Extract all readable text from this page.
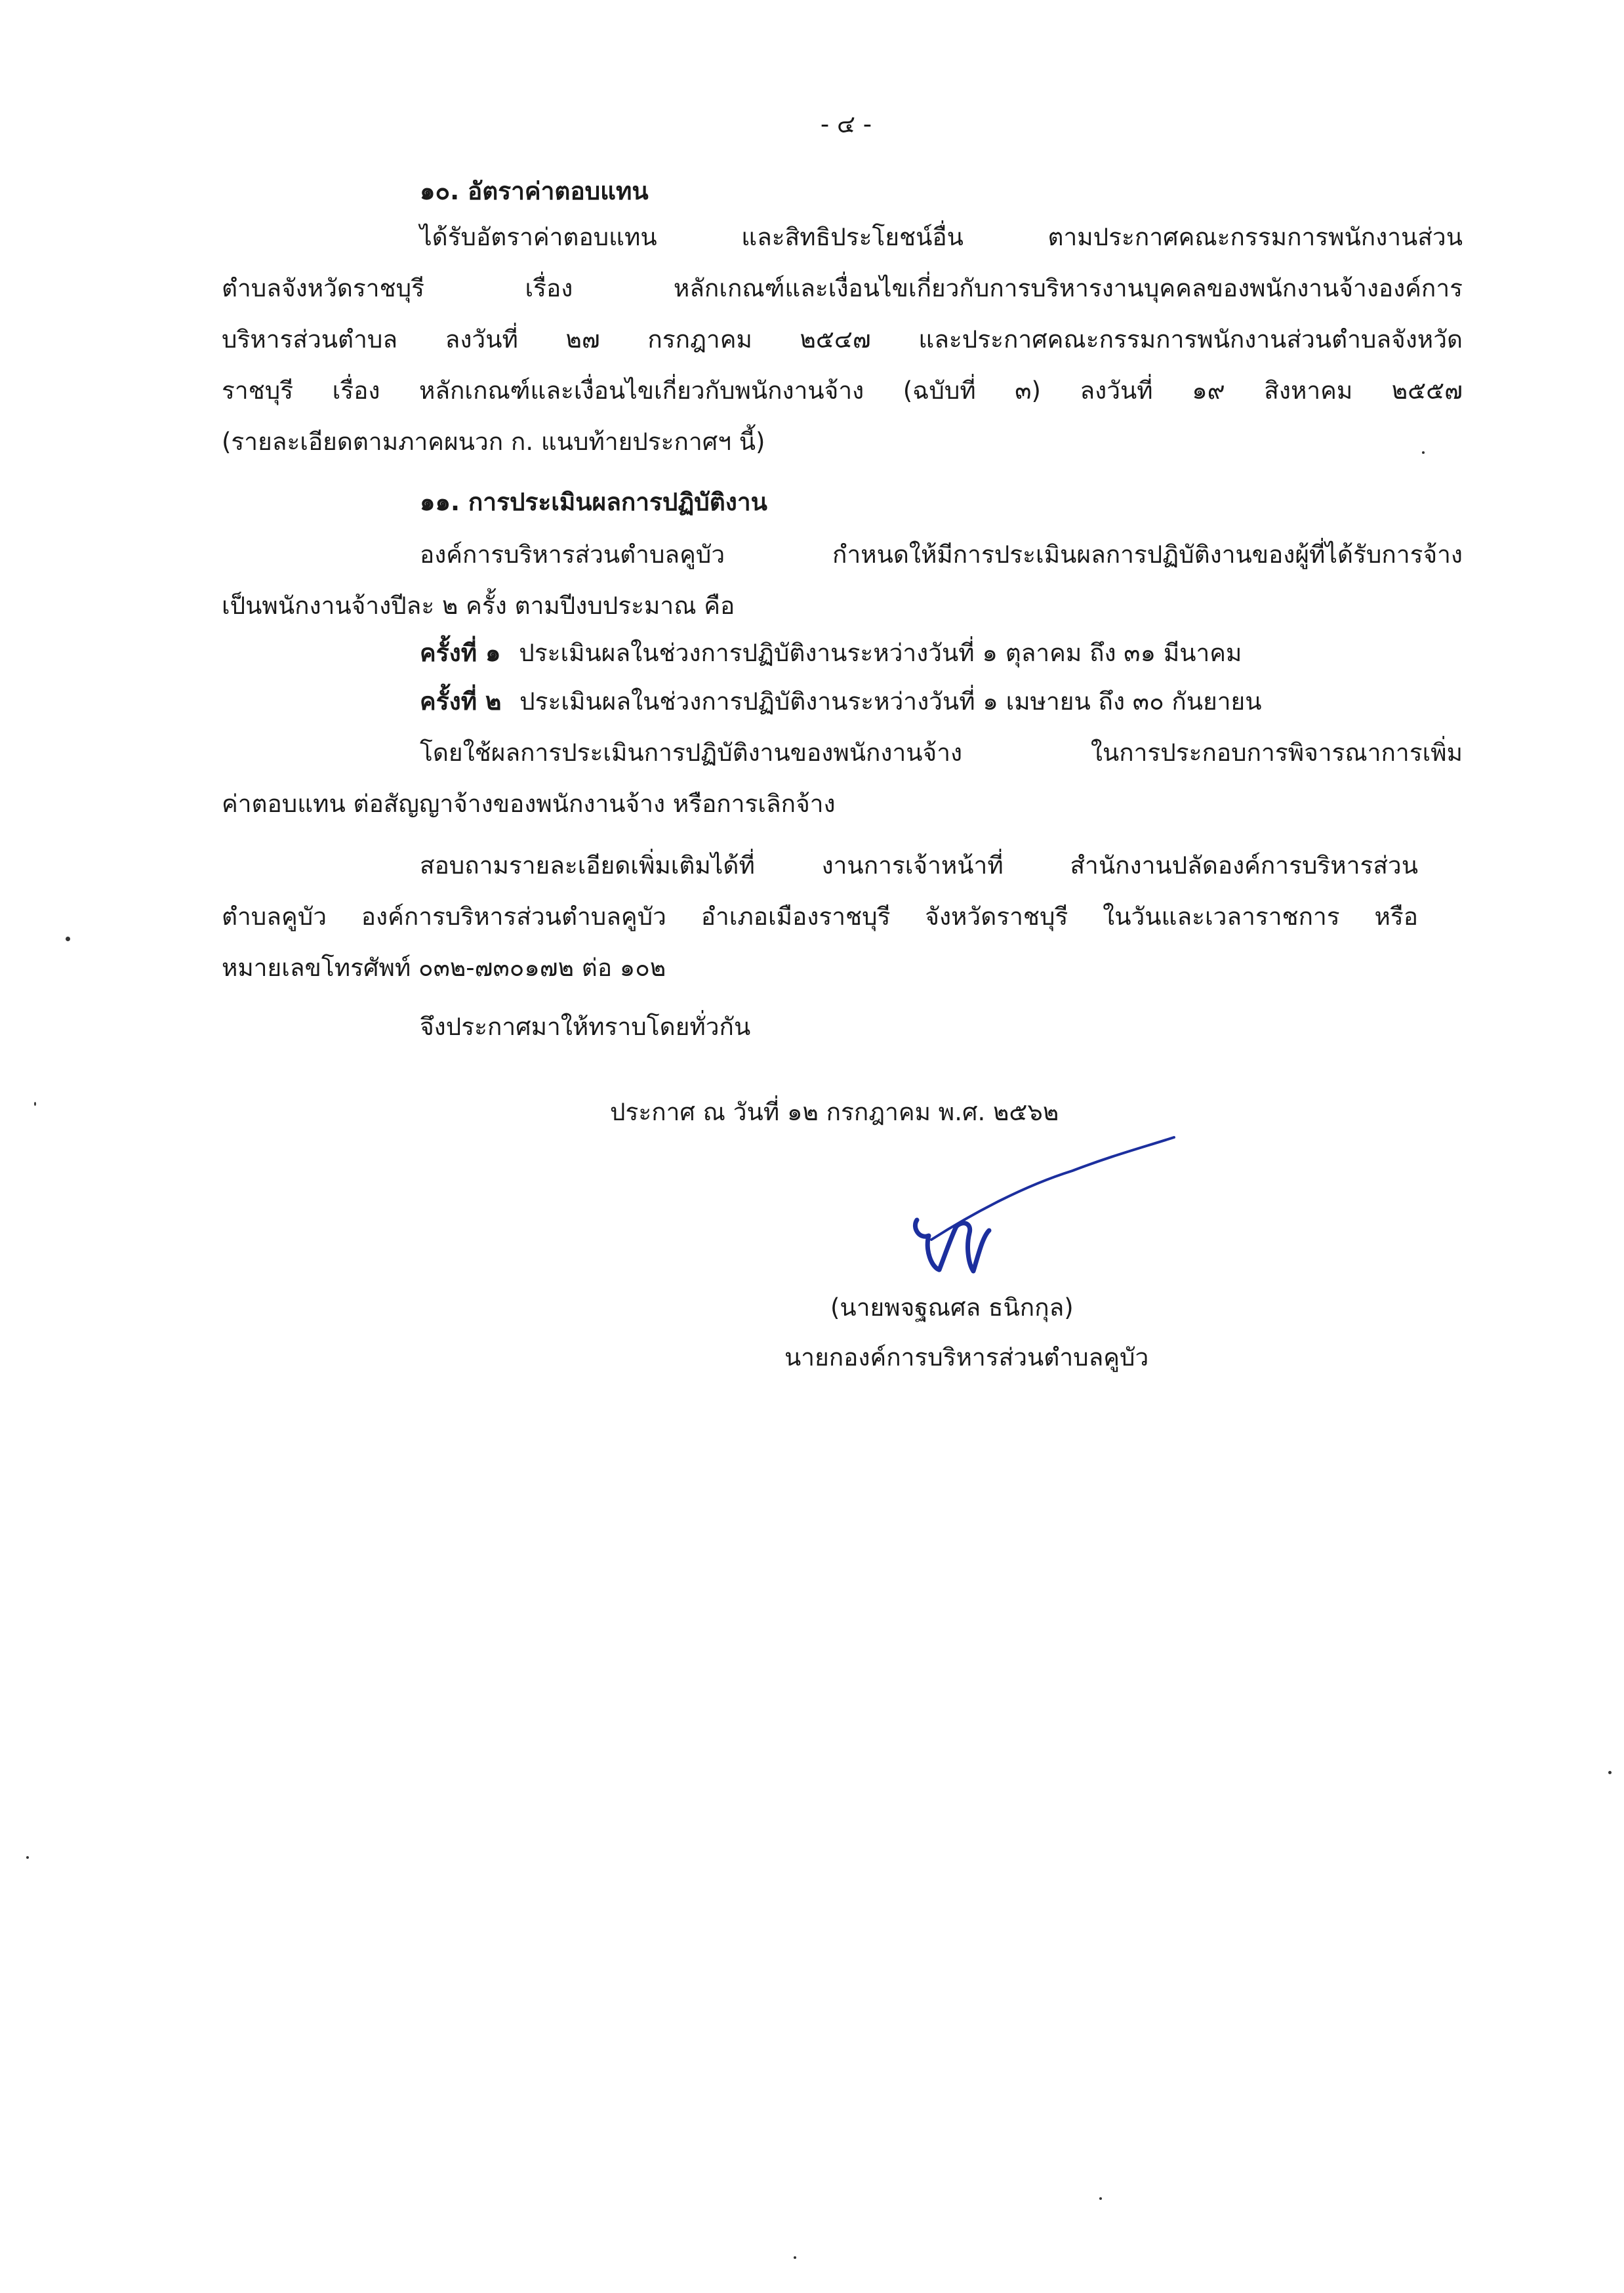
- ๔ -
๑๐. อัตราค่าตอบแทน
ได้รับอัตราค่าตอบแทน และสิทธิประโยชน์อื่น ตามประกาศคณะกรรมการพนักงานส่วน
ตำบลจังหวัดราชบุรี เรื่อง หลักเกณฑ์และเงื่อนไขเกี่ยวกับการบริหารงานบุคคลของพนักงานจ้างองค์การ
บริหารส่วนตำบล ลงวันที่ ๒๗ กรกฎาคม ๒๕๔๗ และประกาศคณะกรรมการพนักงานส่วนตำบลจังหวัด
ราชบุรี เรื่อง หลักเกณฑ์และเงื่อนไขเกี่ยวกับพนักงานจ้าง (ฉบับที่ ๓) ลงวันที่ ๑๙ สิงหาคม ๒๕๕๗
(รายละเอียดตามภาคผนวก ก. แนบท้ายประกาศฯ นี้)
๑๑. การประเมินผลการปฏิบัติงาน
องค์การบริหารส่วนตำบลคูบัว กำหนดให้มีการประเมินผลการปฏิบัติงานของผู้ที่ได้รับการจ้าง
เป็นพนักงานจ้างปีละ ๒ ครั้ง ตามปีงบประมาณ คือ
ครั้งที่ ๑ ประเมินผลในช่วงการปฏิบัติงานระหว่างวันที่ ๑ ตุลาคม ถึง ๓๑ มีนาคม
ครั้งที่ ๒ ประเมินผลในช่วงการปฏิบัติงานระหว่างวันที่ ๑ เมษายน ถึง ๓๐ กันยายน
โดยใช้ผลการประเมินการปฏิบัติงานของพนักงานจ้าง ในการประกอบการพิจารณาการเพิ่ม
ค่าตอบแทน ต่อสัญญาจ้างของพนักงานจ้าง หรือการเลิกจ้าง
สอบถามรายละเอียดเพิ่มเติมได้ที่ งานการเจ้าหน้าที่ สำนักงานปลัดองค์การบริหารส่วน
ตำบลคูบัว องค์การบริหารส่วนตำบลคูบัว อำเภอเมืองราชบุรี จังหวัดราชบุรี ในวันและเวลาราชการ หรือ
หมายเลขโทรศัพท์ ๐๓๒-๗๓๐๑๗๒ ต่อ ๑๐๒
จึงประกาศมาให้ทราบโดยทั่วกัน
ประกาศ ณ วันที่ ๑๒ กรกฎาคม พ.ศ. ๒๕๖๒
(นายพจฐณศล ธนิกกุล)
นายกองค์การบริหารส่วนตำบลคูบัว
